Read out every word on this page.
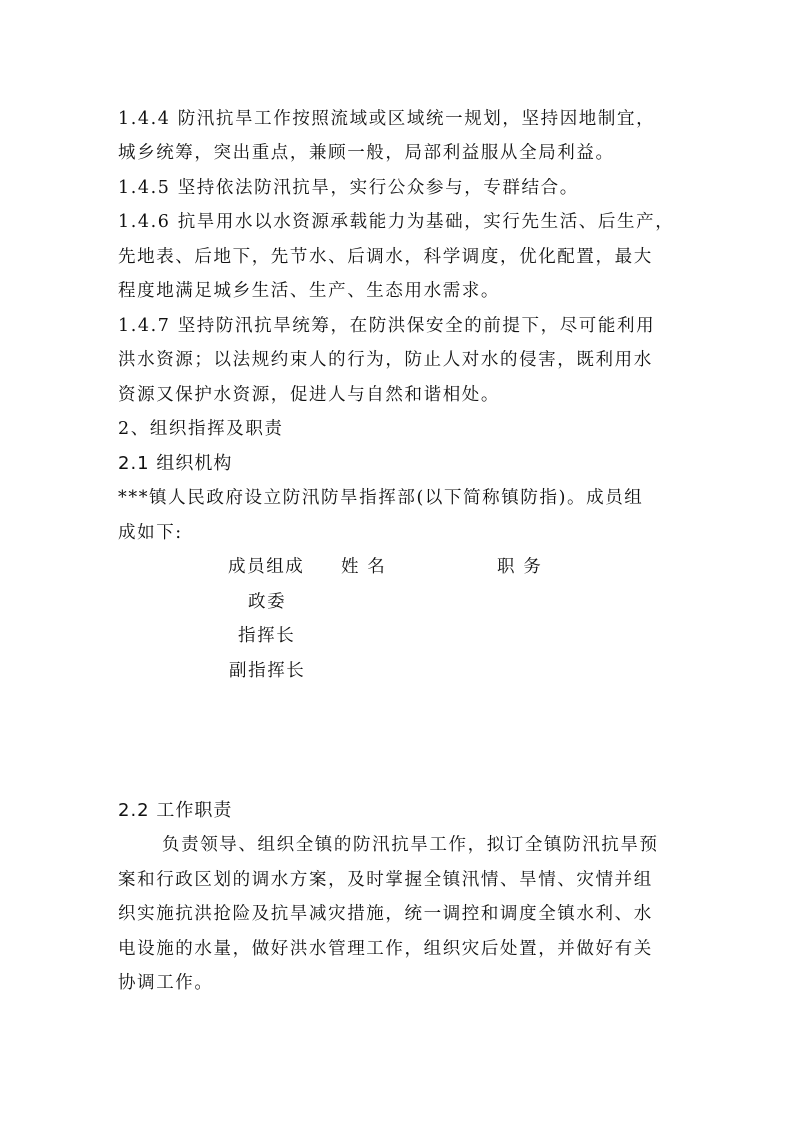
1.4.4 防汛抗旱工作按照流域或区域统一规划，坚持因地制宜，
城乡统筹，突出重点，兼顾一般，局部利益服从全局利益。
1.4.5 坚持依法防汛抗旱，实行公众参与，专群结合。
1.4.6 抗旱用水以水资源承载能力为基础，实行先生活、后生产，
先地表、后地下，先节水、后调水，科学调度，优化配置，最大
程度地满足城乡生活、生产、生态用水需求。
1.4.7 坚持防汛抗旱统筹，在防洪保安全的前提下，尽可能利用
洪水资源；以法规约束人的行为，防止人对水的侵害，既利用水
资源又保护水资源，促进人与自然和谐相处。
2、组织指挥及职责
2.1 组织机构
***镇人民政府设立防汛防旱指挥部(以下简称镇防指)。成员组
成如下:
成员组成 姓 名	职 务
政委
指挥长
副指挥长
2.2 工作职责
负责领导、组织全镇的防汛抗旱工作，拟订全镇防汛抗旱预
案和行政区划的调水方案，及时掌握全镇汛情、旱情、灾情并组
织实施抗洪抢险及抗旱减灾措施，统一调控和调度全镇水利、水
电设施的水量，做好洪水管理工作，组织灾后处置，并做好有关
协调工作。
